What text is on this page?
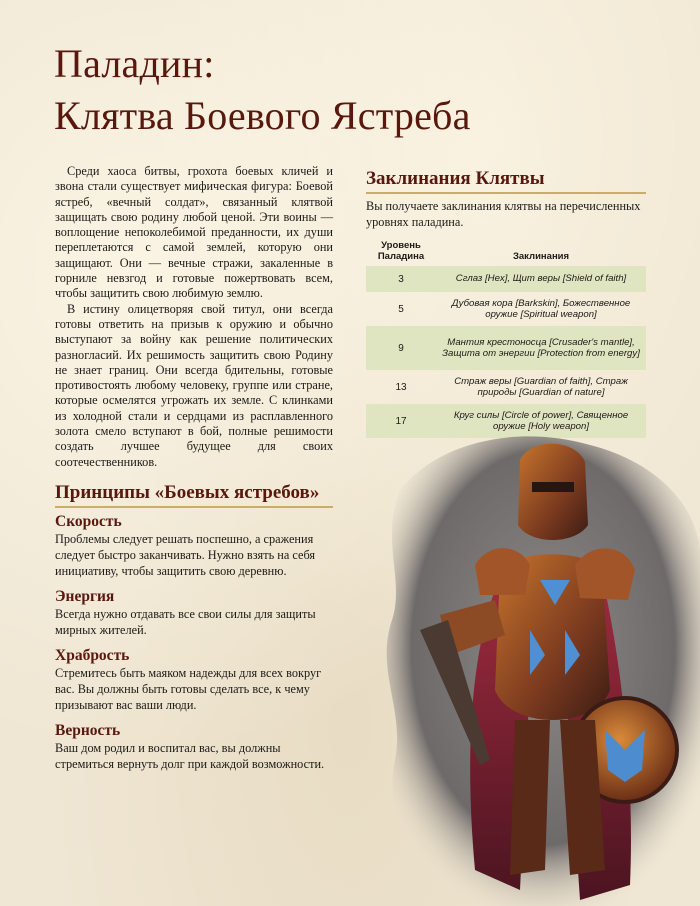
Паладин:
Клятва Боевого Ястреба

Среди хаоса битвы, грохота боевых кличей и звона стали существует мифическая фигура: Боевой ястреб, «вечный солдат», связанный клятвой защищать свою родину любой ценой. Эти воины — воплощение непоколебимой преданности, их души переплетаются с самой землей, которую они защищают. Они — вечные стражи, закаленные в горниле невзгод и готовые пожертвовать всем, чтобы защитить свою любимую землю.

В истину олицетворяя свой титул, они всегда готовы ответить на призыв к оружию и обычно выступают за войну как решение политических разногласий. Их решимость защитить свою Родину не знает границ. Они всегда бдительны, готовые противостоять любому человеку, группе или стране, которые осмелятся угрожать их земле. С клинками из холодной стали и сердцами из расплавленного золота смело вступают в бой, полные решимости создать лучшее будущее для своих соотечественников.

Принципы «Боевых ястребов»
Скорость

Проблемы следует решать поспешно, а сражения следует быстро заканчивать. Нужно взять на себя инициативу, чтобы защитить свою деревню.

Энергия

Всегда нужно отдавать все свои силы для защиты мирных жителей.

Храбрость

Стремитесь быть маяком надежды для всех вокруг вас. Вы должны быть готовы сделать все, к чему призывают вас ваши люди.

Верность

Ваш дом родил и воспитал вас, вы должны стремиться вернуть долг при каждой возможности.

Заклинания Клятвы

Вы получаете заклинания клятвы на перечисленных уровнях паладина.

Уровень Паладина	Заклинания
3	Сглаз [Hex], Щит веры [Shield of faith]
5	Дубовая кора [Barkskin], Божественное оружие [Spiritual weapon]
9	Мантия крестоносца [Crusader's mantle], Защита от энергии [Protection from energy]
13	Страж веры [Guardian of faith], Страж природы [Guardian of nature]
17	Круг силы [Circle of power], Священное оружие [Holy weapon]
